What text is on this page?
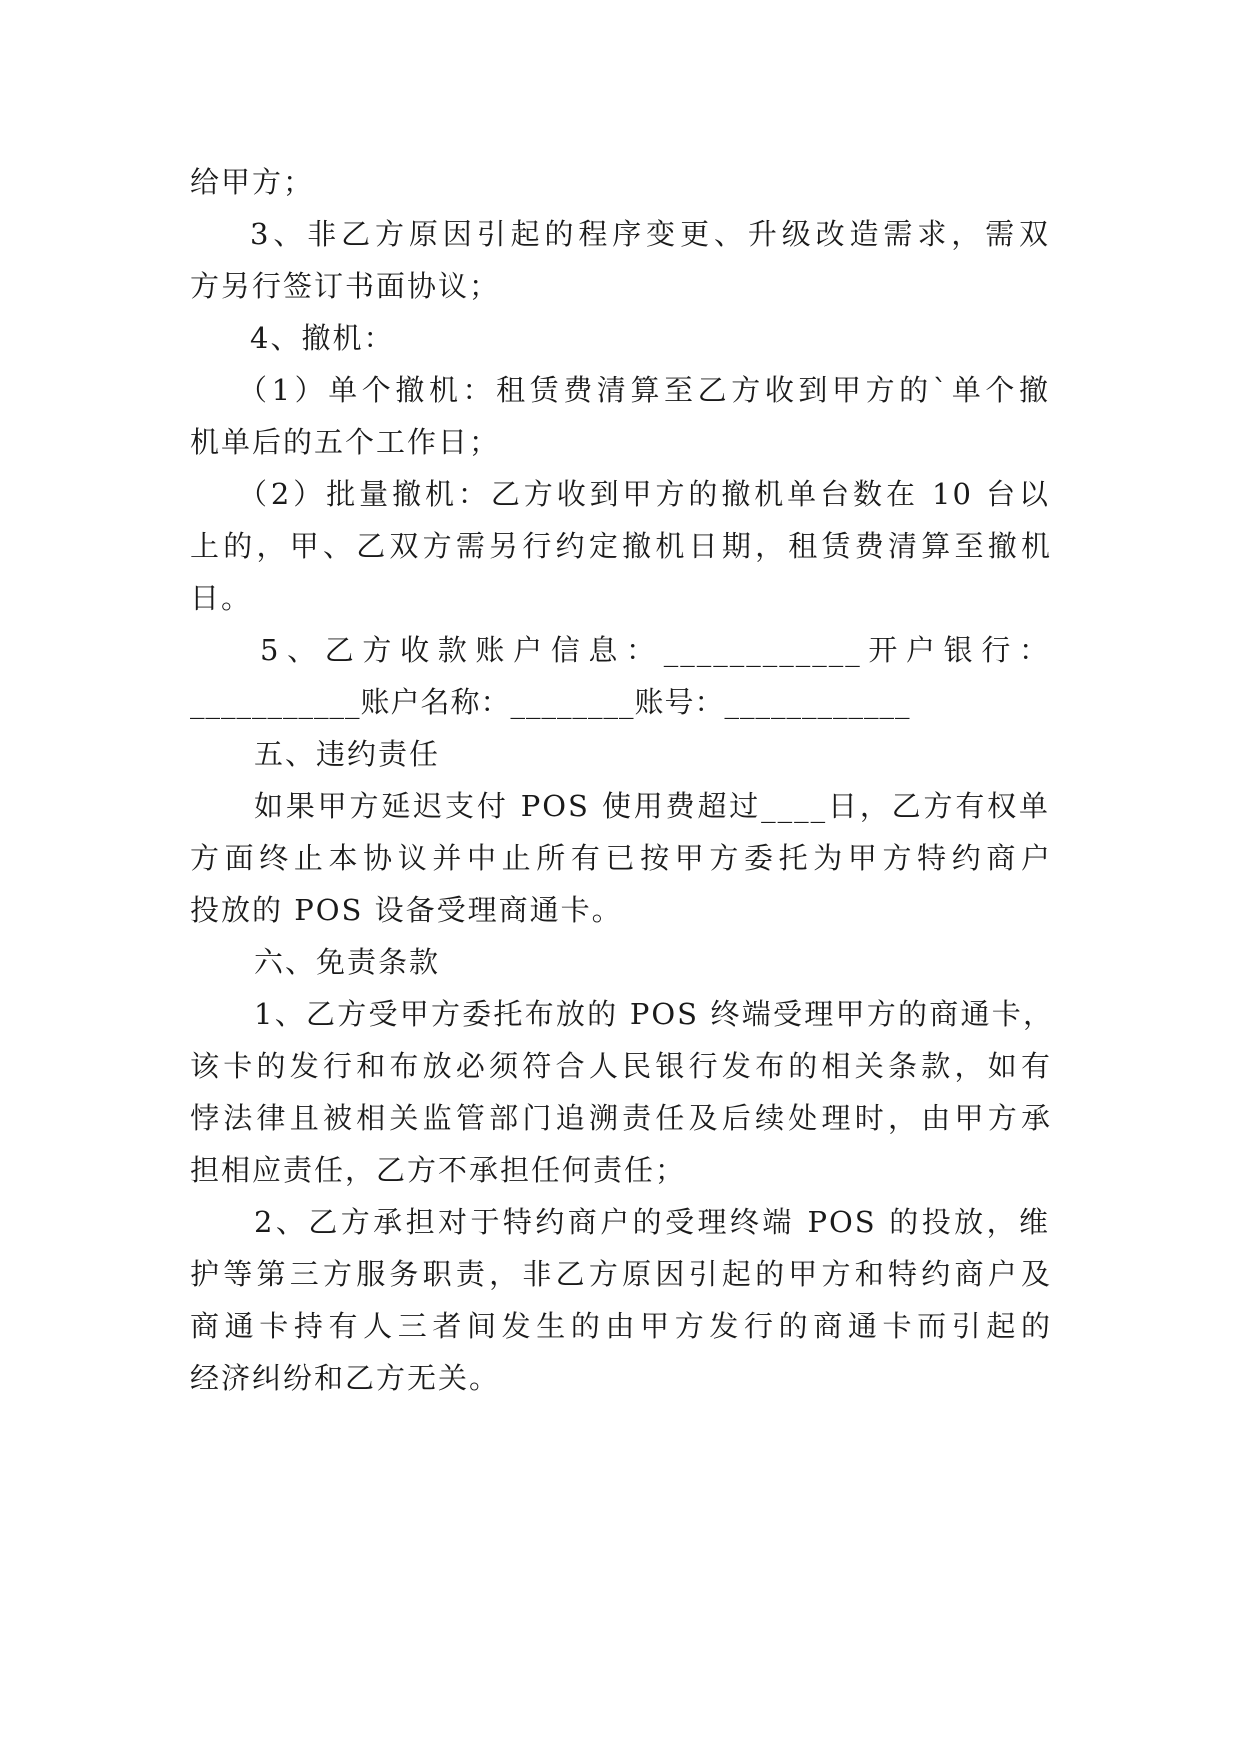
给甲方；
3、非乙方原因引起的程序变更、升级改造需求，需双
方另行签订书面协议；
4、撤机：
（1）单个撤机：租赁费清算至乙方收到甲方的`单个撤
机单后的五个工作日；
（2）批量撤机：乙方收到甲方的撤机单台数在 10 台以
上的，甲、乙双方需另行约定撤机日期，租赁费清算至撤机
日。
5、乙方收款账户信息：____________开户银行：
___________账户名称：________账号：____________
五、违约责任
如果甲方延迟支付 POS 使用费超过____日，乙方有权单
方面终止本协议并中止所有已按甲方委托为甲方特约商户
投放的 POS 设备受理商通卡。
六、免责条款
1、乙方受甲方委托布放的 POS 终端受理甲方的商通卡，
该卡的发行和布放必须符合人民银行发布的相关条款，如有
悖法律且被相关监管部门追溯责任及后续处理时，由甲方承
担相应责任，乙方不承担任何责任；
2、乙方承担对于特约商户的受理终端 POS 的投放，维
护等第三方服务职责，非乙方原因引起的甲方和特约商户及
商通卡持有人三者间发生的由甲方发行的商通卡而引起的
经济纠纷和乙方无关。
